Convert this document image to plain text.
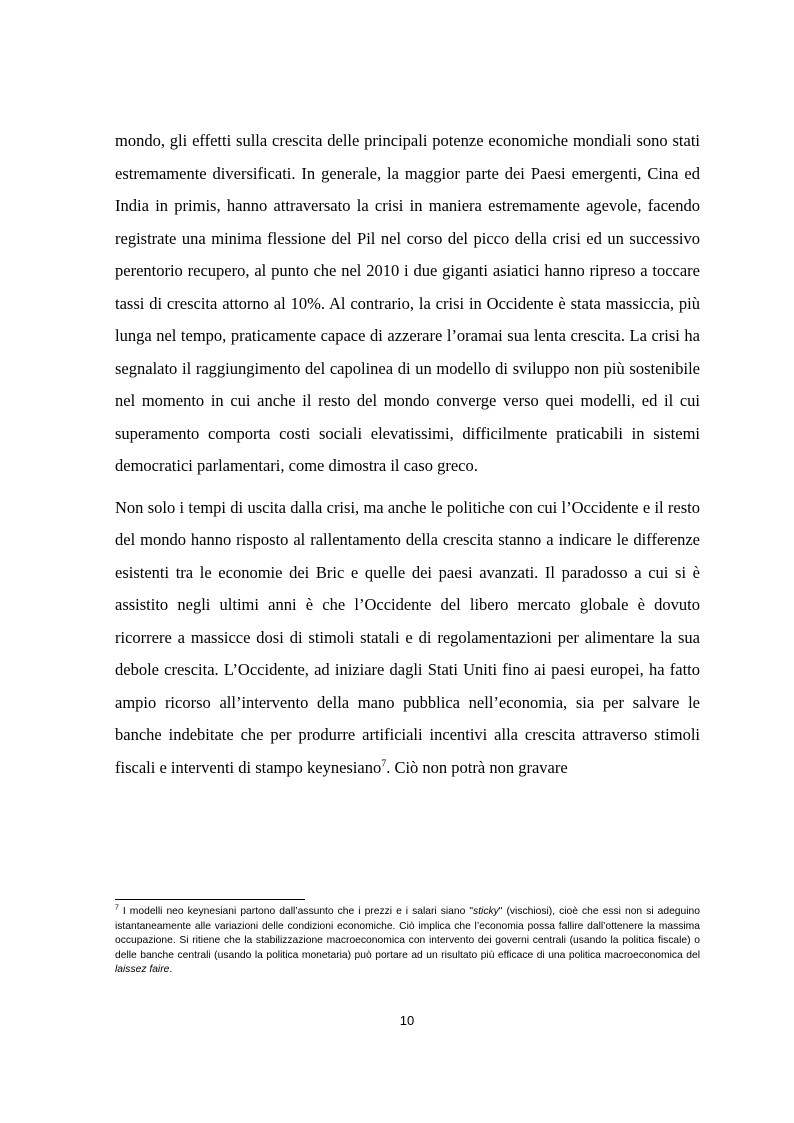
mondo, gli effetti sulla crescita delle principali potenze economiche mondiali sono stati estremamente diversificati. In generale, la maggior parte dei Paesi emergenti, Cina ed India in primis, hanno attraversato la crisi in maniera estremamente agevole, facendo registrate una minima flessione del Pil nel corso del picco della crisi ed un successivo perentorio recupero, al punto che nel 2010 i due giganti asiatici hanno ripreso a toccare tassi di crescita attorno al 10%. Al contrario, la crisi in Occidente è stata massiccia, più lunga nel tempo, praticamente capace di azzerare l’oramai sua lenta crescita. La crisi ha segnalato il raggiungimento del capolinea di un modello di sviluppo non più sostenibile nel momento in cui anche il resto del mondo converge verso quei modelli, ed il cui superamento comporta costi sociali elevatissimi, difficilmente praticabili in sistemi democratici parlamentari, come dimostra il caso greco.

Non solo i tempi di uscita dalla crisi, ma anche le politiche con cui l’Occidente e il resto del mondo hanno risposto al rallentamento della crescita stanno a indicare le differenze esistenti tra le economie dei Bric e quelle dei paesi avanzati. Il paradosso a cui si è assistito negli ultimi anni è che l’Occidente del libero mercato globale è dovuto ricorrere a massicce dosi di stimoli statali e di regolamentazioni per alimentare la sua debole crescita. L’Occidente, ad iniziare dagli Stati Uniti fino ai paesi europei, ha fatto ampio ricorso all’intervento della mano pubblica nell’economia, sia per salvare le banche indebitate che per produrre artificiali incentivi alla crescita attraverso stimoli fiscali e interventi di stampo keynesiano$^7$. Ciò non potrà non gravare

$^7$ I modelli neo keynesiani partono dall’assunto che i prezzi e i salari siano "sticky" (vischiosi), cioè che essi non si adeguino istantaneamente alle variazioni delle condizioni economiche. Ciò implica che l’economia possa fallire dall’ottenere la massima occupazione. Si ritiene che la stabilizzazione macroeconomica con intervento dei governi centrali (usando la politica fiscale) o delle banche centrali (usando la politica monetaria) può portare ad un risultato più efficace di una politica macroeconomica del laissez faire.
10
